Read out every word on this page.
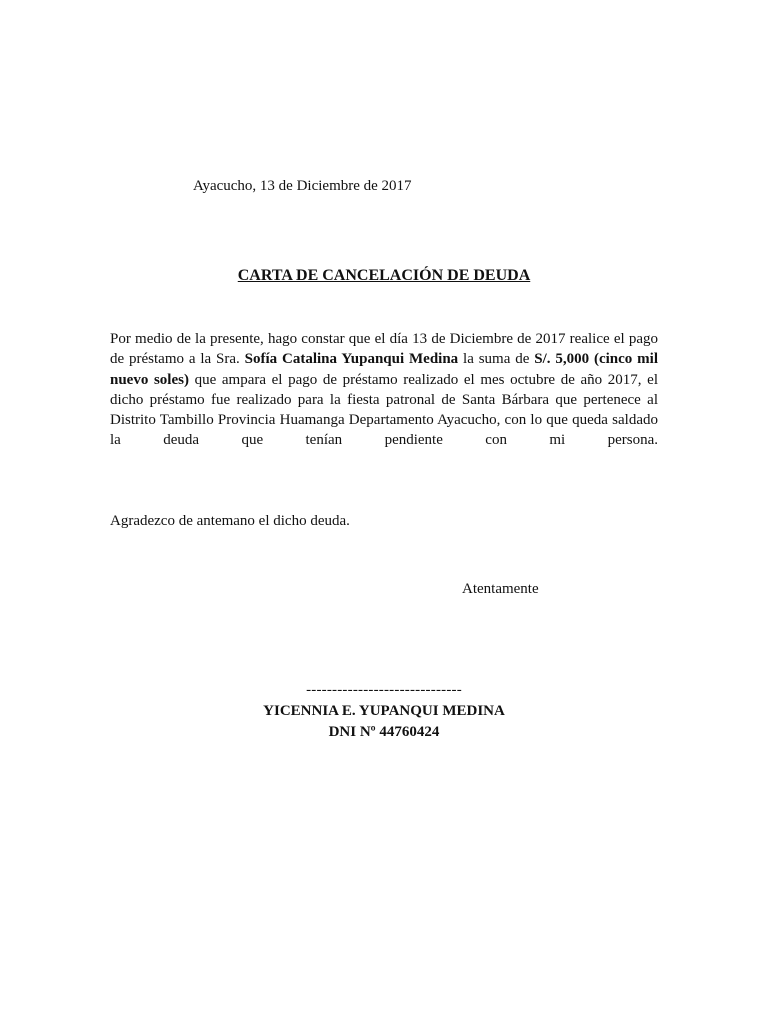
Ayacucho, 13 de Diciembre de 2017
CARTA DE CANCELACIÓN DE DEUDA
Por medio de la presente, hago constar que el día 13 de Diciembre de 2017 realice el pago de préstamo a la Sra. Sofía Catalina Yupanqui Medina la suma de S/. 5,000 (cinco mil nuevo soles) que ampara el pago de préstamo realizado el mes octubre de año 2017, el dicho préstamo fue realizado para la fiesta patronal de Santa Bárbara que pertenece al Distrito Tambillo Provincia Huamanga Departamento Ayacucho, con lo que queda saldado la deuda que tenían pendiente con mi persona.
Agradezco de antemano el dicho deuda.
Atentamente
------------------------------
YICENNIA E. YUPANQUI MEDINA
DNI Nº 44760424
